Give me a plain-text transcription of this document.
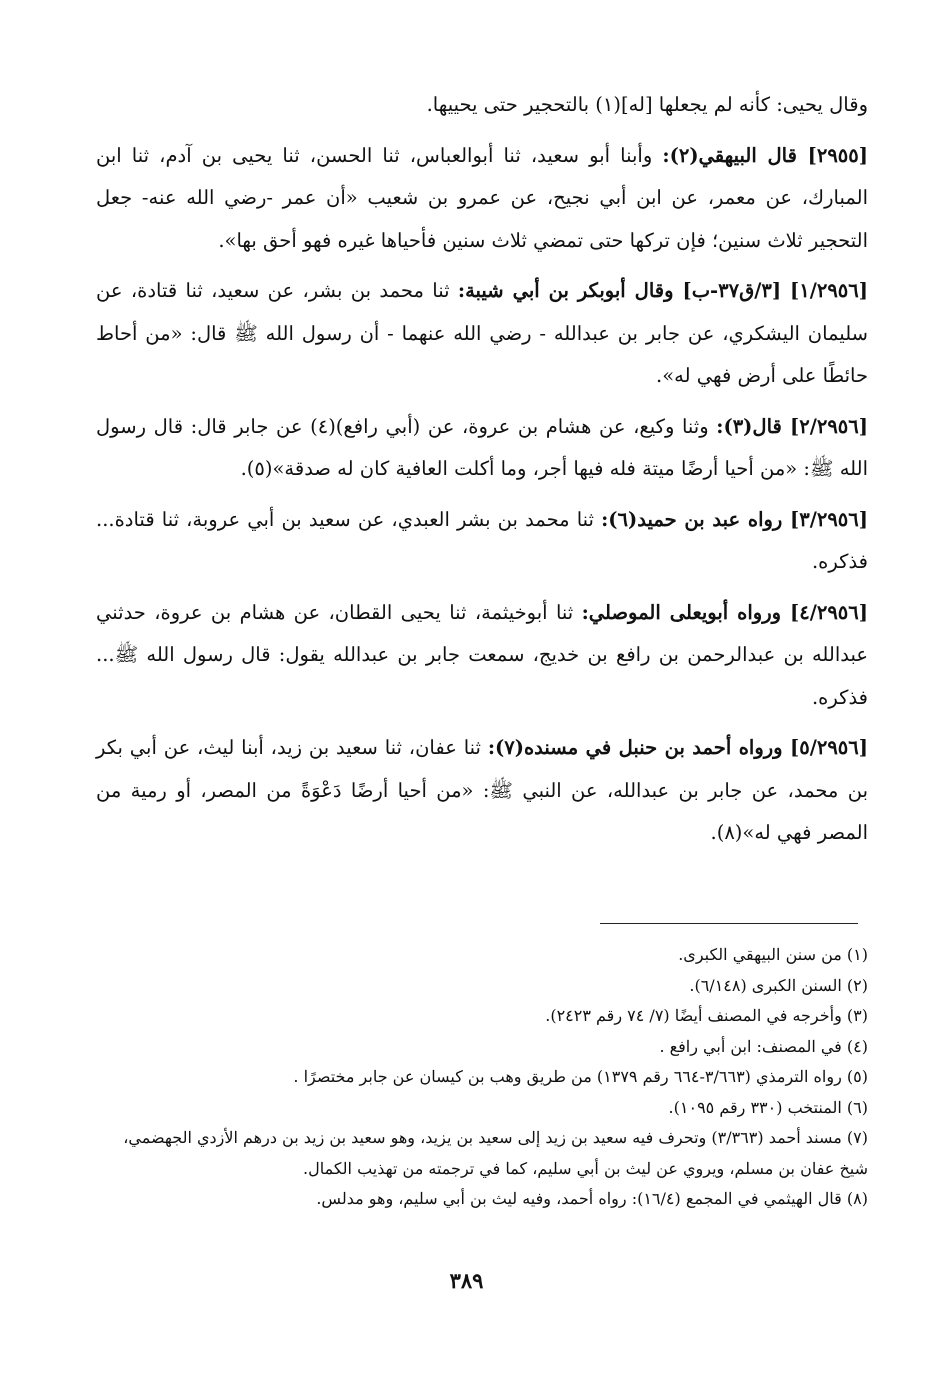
وقال يحيى: كأنه لم يجعلها [له](١) بالتحجير حتى يحييها.

[٢٩٥٥] قال البيهقي(٢): وأبنا أبو سعيد، ثنا أبوالعباس، ثنا الحسن، ثنا يحيى بن آدم، ثنا ابن المبارك، عن معمر، عن ابن أبي نجيح، عن عمرو بن شعيب «أن عمر -رضي الله عنه- جعل التحجير ثلاث سنين؛ فإن تركها حتى تمضي ثلاث سنين فأحياها غيره فهو أحق بها».

[١/٢٩٥٦] [٣/ق٣٧-ب] وقال أبوبكر بن أبي شيبة: ثنا محمد بن بشر، عن سعيد، ثنا قتادة، عن سليمان اليشكري، عن جابر بن عبدالله - رضي الله عنهما - أن رسول الله ﷺ قال: «من أحاط حائطًا على أرض فهي له».

[٢/٢٩٥٦] قال(٣): وثنا وكيع، عن هشام بن عروة، عن (أبي رافع)(٤) عن جابر قال: قال رسول الله ﷺ: «من أحيا أرضًا ميتة فله فيها أجر، وما أكلت العافية كان له صدقة»(٥).

[٣/٢٩٥٦] رواه عبد بن حميد(٦): ثنا محمد بن بشر العبدي، عن سعيد بن أبي عروبة، ثنا قتادة... فذكره.

[٤/٢٩٥٦] ورواه أبويعلى الموصلي: ثنا أبوخيثمة، ثنا يحيى القطان، عن هشام بن عروة، حدثني عبدالله بن عبدالرحمن بن رافع بن خديج، سمعت جابر بن عبدالله يقول: قال رسول الله ﷺ... فذكره.

[٥/٢٩٥٦] ورواه أحمد بن حنبل في مسنده(٧): ثنا عفان، ثنا سعيد بن زيد، أبنا ليث، عن أبي بكر بن محمد، عن جابر بن عبدالله، عن النبي ﷺ: «من أحيا أرضًا دَعْوَةً من المصر، أو رمية من المصر فهي له»(٨).

(١) من سنن البيهقي الكبرى.

(٢) السنن الكبرى (٦/١٤٨).

(٣) وأخرجه في المصنف أيضًا (٧/ ٧٤ رقم ٢٤٢٣).

(٤) في المصنف: ابن أبي رافع .

(٥) رواه الترمذي (٣/٦٦٣-٦٦٤ رقم ١٣٧٩) من طريق وهب بن كيسان عن جابر مختصرًا .

(٦) المنتخب (٣٣٠ رقم ١٠٩٥).

(٧) مسند أحمد (٣/٣٦٣) وتحرف فيه سعيد بن زيد إلى سعيد بن يزيد، وهو سعيد بن زيد بن درهم الأزدي الجهضمي، شيخ عفان بن مسلم، ويروي عن ليث بن أبي سليم، كما في ترجمته من تهذيب الكمال.

(٨) قال الهيثمي في المجمع (١٦/٤): رواه أحمد، وفيه ليث بن أبي سليم، وهو مدلس.

٣٨٩
